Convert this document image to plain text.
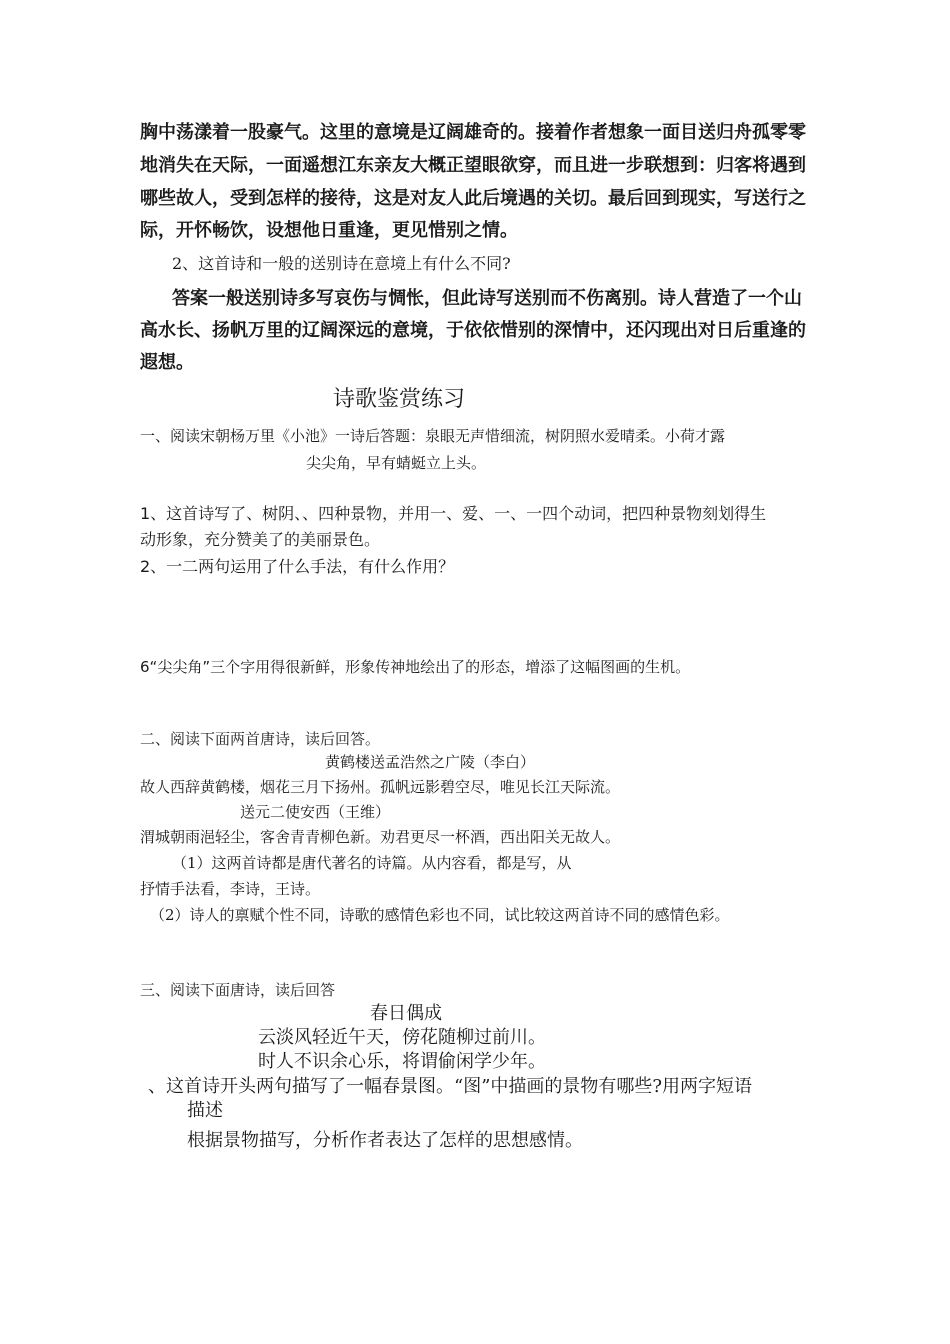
胸中荡漾着一股豪气。这里的意境是辽阔雄奇的。接着作者想象一面目送归舟孤零零
地消失在天际，一面遥想江东亲友大概正望眼欲穿，而且进一步联想到：归客将遇到
哪些故人，受到怎样的接待，这是对友人此后境遇的关切。最后回到现实，写送行之
际，开怀畅饮，设想他日重逢，更见惜别之情。
2、这首诗和一般的送别诗在意境上有什么不同?
答案一般送别诗多写哀伤与惆怅，但此诗写送别而不伤离别。诗人营造了一个山
高水长、扬帆万里的辽阔深远的意境，于依依惜别的深情中，还闪现出对日后重逢的
遐想。
诗歌鉴赏练习
一、阅读宋朝杨万里《小池》一诗后答题：泉眼无声惜细流，树阴照水爱晴柔。小荷才露
尖尖角，早有蜻蜓立上头。
1、这首诗写了、树阴、、四种景物，并用一、爱、一、一四个动词，把四种景物刻划得生
动形象，充分赞美了的美丽景色。
2、一二两句运用了什么手法，有什么作用？
6“尖尖角”三个字用得很新鲜，形象传神地绘出了的形态，增添了这幅图画的生机。
二、阅读下面两首唐诗，读后回答。
黄鹤楼送孟浩然之广陵（李白）
故人西辞黄鹤楼，烟花三月下扬州。孤帆远影碧空尽，唯见长江天际流。
送元二使安西（王维）
渭城朝雨浥轻尘，客舍青青柳色新。劝君更尽一杯酒，西出阳关无故人。
（1）这两首诗都是唐代著名的诗篇。从内容看，都是写，从
抒情手法看，李诗，王诗。
（2）诗人的禀赋个性不同，诗歌的感情色彩也不同，试比较这两首诗不同的感情色彩。
三、阅读下面唐诗，读后回答
春日偶成
云淡风轻近午天，傍花随柳过前川。
时人不识余心乐，将谓偷闲学少年。
、这首诗开头两句描写了一幅春景图。“图”中描画的景物有哪些?用两字短语
描述
根据景物描写，分析作者表达了怎样的思想感情。
